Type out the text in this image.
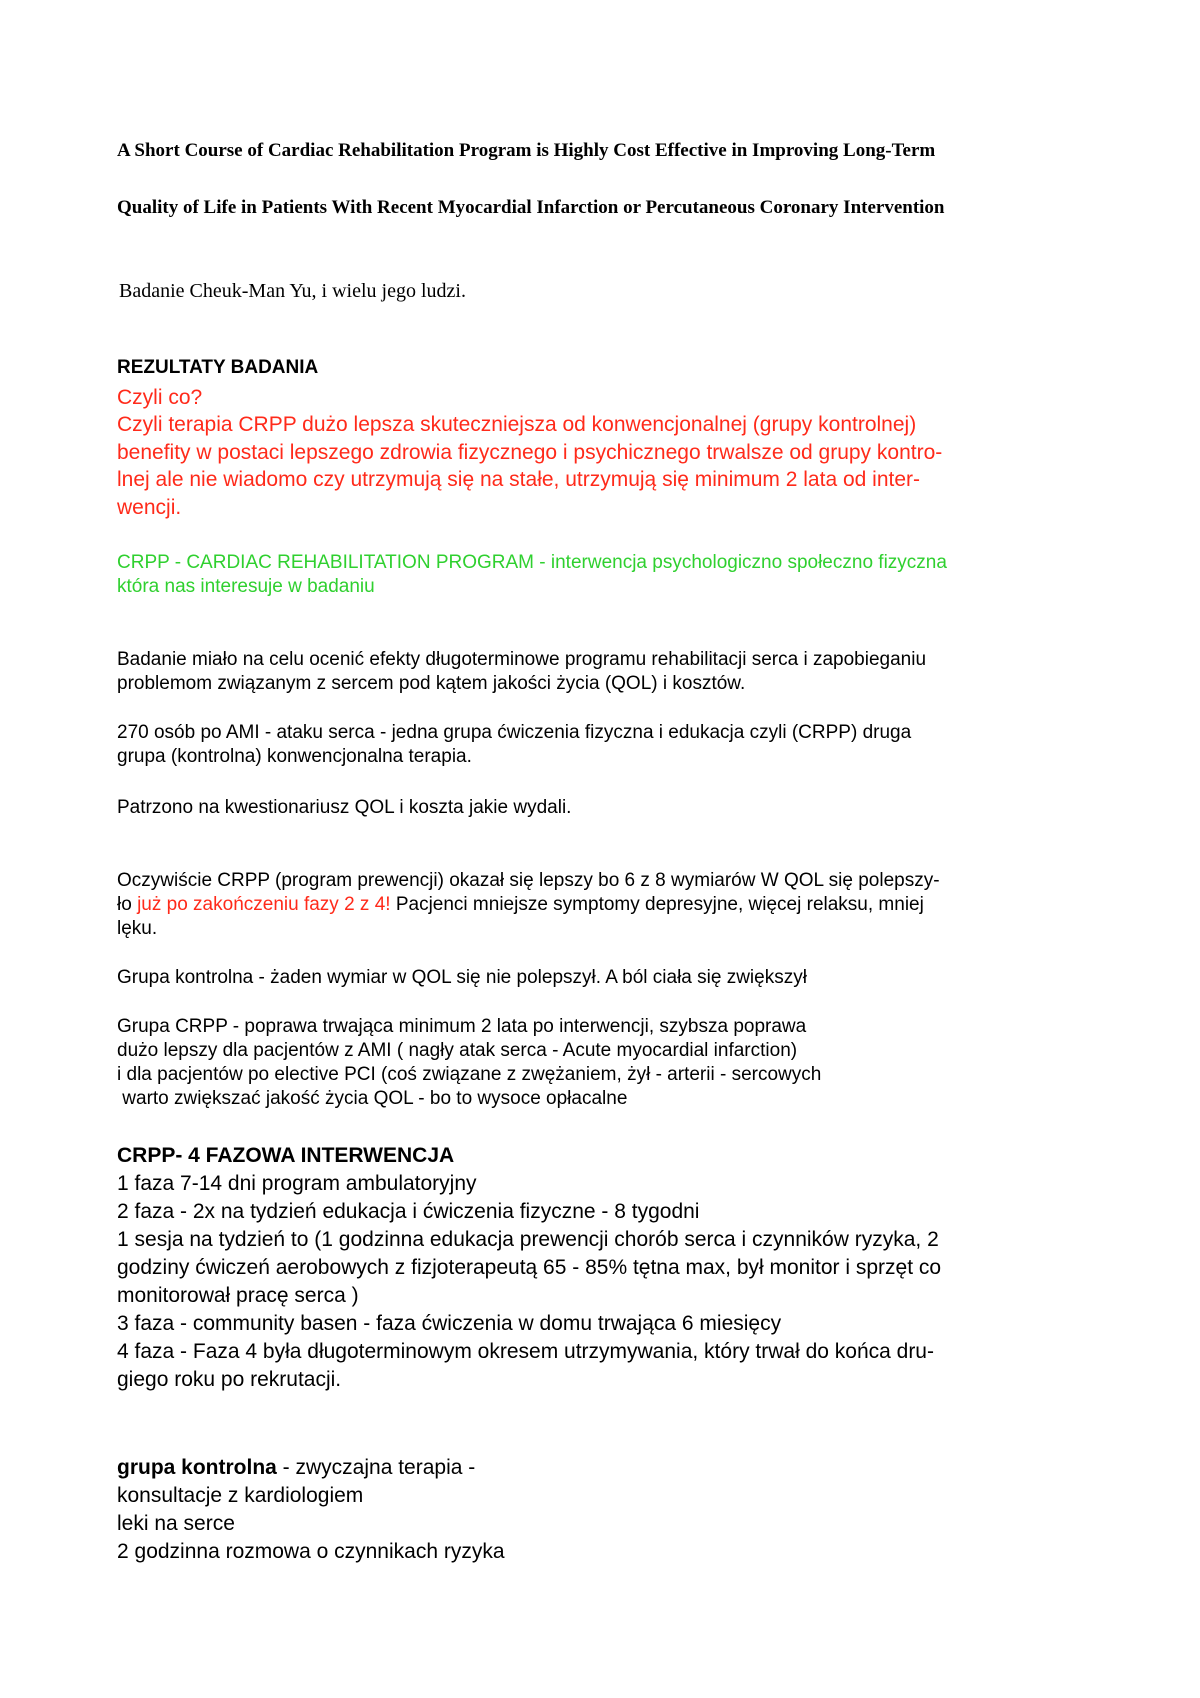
A Short Course of Cardiac Rehabilitation Program is Highly Cost Effective in Improving Long-Term
Quality of Life in Patients With Recent Myocardial Infarction or Percutaneous Coronary Intervention
Badanie Cheuk-Man Yu, i wielu jego ludzi.
REZULTATY BADANIA
Czyli co?
Czyli terapia CRPP dużo lepsza skuteczniejsza od konwencjonalnej (grupy kontrolnej)
benefity w postaci lepszego zdrowia fizycznego i psychicznego trwalsze od grupy kontro-
lnej ale nie wiadomo czy utrzymują się na stałe, utrzymują się minimum 2 lata od inter-
wencji.
CRPP - CARDIAC REHABILITATION PROGRAM - interwencja psychologiczno społeczno fizyczna
która nas interesuje w badaniu
Badanie miało na celu ocenić efekty długoterminowe programu rehabilitacji serca i zapobieganiu
problemom związanym z sercem pod kątem jakości życia (QOL) i kosztów.
270 osób po AMI - ataku serca - jedna grupa ćwiczenia fizyczna i edukacja czyli (CRPP) druga
grupa (kontrolna) konwencjonalna terapia.
Patrzono na kwestionariusz QOL i koszta jakie wydali.
Oczywiście CRPP (program prewencji) okazał się lepszy bo 6 z 8 wymiarów W QOL się polepszy-
ło już po zakończeniu fazy 2 z 4! Pacjenci mniejsze symptomy depresyjne, więcej relaksu, mniej
lęku.
Grupa kontrolna - żaden wymiar w QOL się nie polepszył. A ból ciała się zwiększył
Grupa CRPP - poprawa trwająca minimum 2 lata po interwencji, szybsza poprawa
dużo lepszy dla pacjentów z AMI ( nagły atak serca - Acute myocardial infarction)
i dla pacjentów po elective PCI (coś związane z zwężaniem, żył - arterii - sercowych
warto zwiększać jakość życia QOL - bo to wysoce opłacalne
CRPP- 4 FAZOWA INTERWENCJA
1 faza 7-14 dni program ambulatoryjny
2 faza - 2x na tydzień edukacja i ćwiczenia fizyczne - 8 tygodni
1 sesja na tydzień to (1 godzinna edukacja prewencji chorób serca i czynników ryzyka, 2
godziny ćwiczeń aerobowych z fizjoterapeutą 65 - 85% tętna max, był monitor i sprzęt co
monitorował pracę serca )
3 faza - community basen - faza ćwiczenia w domu trwająca 6 miesięcy
4 faza - Faza 4 była długoterminowym okresem utrzymywania, który trwał do końca dru-
giego roku po rekrutacji.
grupa kontrolna - zwyczajna terapia -
konsultacje z kardiologiem
leki na serce
2 godzinna rozmowa o czynnikach ryzyka
